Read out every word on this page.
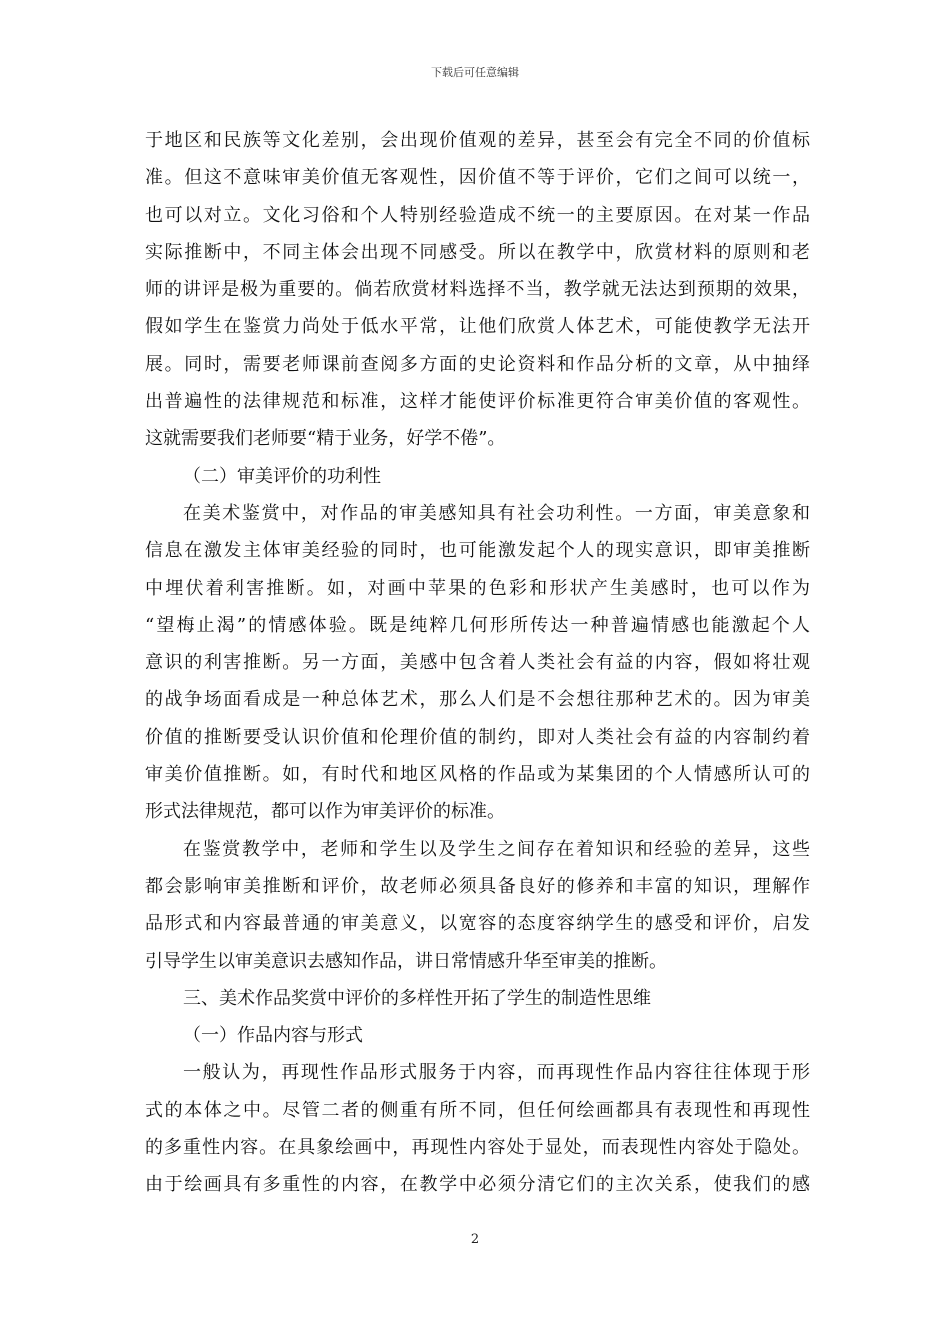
下载后可任意编辑
于地区和民族等文化差别，会出现价值观的差异，甚至会有完全不同的价值标
准。但这不意味审美价值无客观性，因价值不等于评价，它们之间可以统一，
也可以对立。文化习俗和个人特别经验造成不统一的主要原因。在对某一作品
实际推断中，不同主体会出现不同感受。所以在教学中，欣赏材料的原则和老
师的讲评是极为重要的。倘若欣赏材料选择不当，教学就无法达到预期的效果，
假如学生在鉴赏力尚处于低水平常，让他们欣赏人体艺术，可能使教学无法开
展。同时，需要老师课前查阅多方面的史论资料和作品分析的文章，从中抽绎
出普遍性的法律规范和标准，这样才能使评价标准更符合审美价值的客观性。
这就需要我们老师要“精于业务，好学不倦”。
（二）审美评价的功利性
在美术鉴赏中，对作品的审美感知具有社会功利性。一方面，审美意象和
信息在激发主体审美经验的同时，也可能激发起个人的现实意识，即审美推断
中埋伏着利害推断。如，对画中苹果的色彩和形状产生美感时，也可以作为
“望梅止渴”的情感体验。既是纯粹几何形所传达一种普遍情感也能激起个人
意识的利害推断。另一方面，美感中包含着人类社会有益的内容，假如将壮观
的战争场面看成是一种总体艺术，那么人们是不会想往那种艺术的。因为审美
价值的推断要受认识价值和伦理价值的制约，即对人类社会有益的内容制约着
审美价值推断。如，有时代和地区风格的作品或为某集团的个人情感所认可的
形式法律规范，都可以作为审美评价的标准。
在鉴赏教学中，老师和学生以及学生之间存在着知识和经验的差异，这些
都会影响审美推断和评价，故老师必须具备良好的修养和丰富的知识，理解作
品形式和内容最普通的审美意义，以宽容的态度容纳学生的感受和评价，启发
引导学生以审美意识去感知作品，讲日常情感升华至审美的推断。
三、美术作品奖赏中评价的多样性开拓了学生的制造性思维
（一）作品内容与形式
一般认为，再现性作品形式服务于内容，而再现性作品内容往往体现于形
式的本体之中。尽管二者的侧重有所不同，但任何绘画都具有表现性和再现性
的多重性内容。在具象绘画中，再现性内容处于显处，而表现性内容处于隐处。
由于绘画具有多重性的内容，在教学中必须分清它们的主次关系，使我们的感
2
